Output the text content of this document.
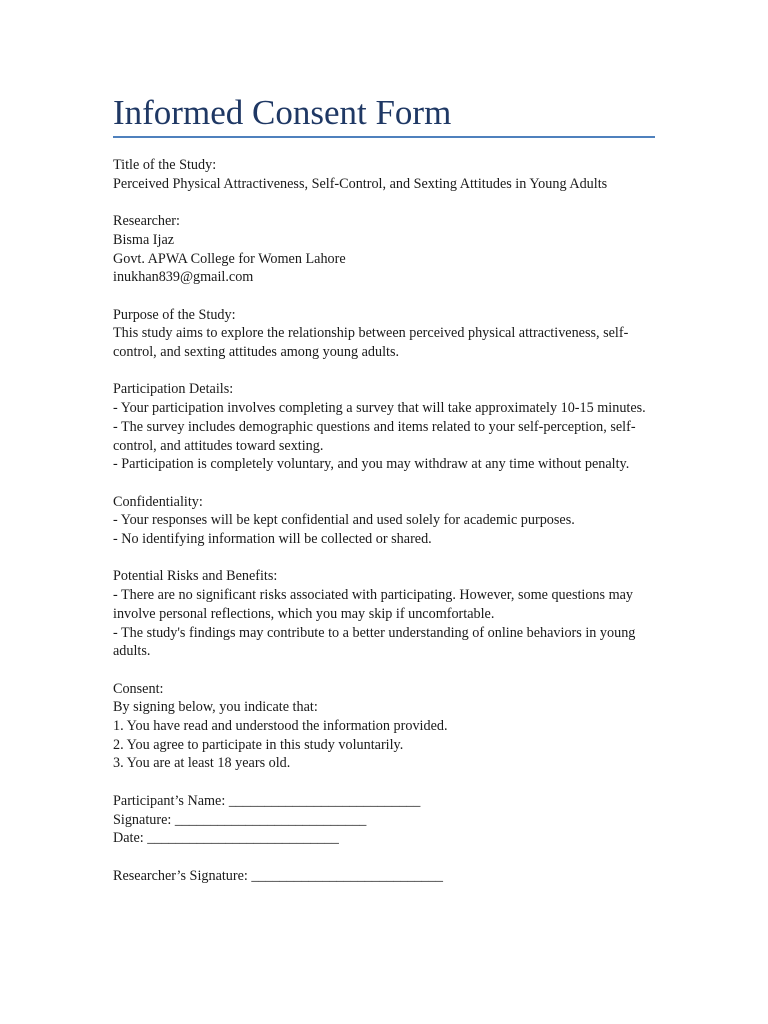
Informed Consent Form
Title of the Study:
Perceived Physical Attractiveness, Self-Control, and Sexting Attitudes in Young Adults
Researcher:
Bisma Ijaz
Govt. APWA College for Women Lahore
inukhan839@gmail.com
Purpose of the Study:
This study aims to explore the relationship between perceived physical attractiveness, self-
control, and sexting attitudes among young adults.
Participation Details:
- Your participation involves completing a survey that will take approximately 10-15 minutes.
- The survey includes demographic questions and items related to your self-perception, self-
control, and attitudes toward sexting.
- Participation is completely voluntary, and you may withdraw at any time without penalty.
Confidentiality:
- Your responses will be kept confidential and used solely for academic purposes.
- No identifying information will be collected or shared.
Potential Risks and Benefits:
- There are no significant risks associated with participating. However, some questions may
involve personal reflections, which you may skip if uncomfortable.
- The study's findings may contribute to a better understanding of online behaviors in young
adults.
Consent:
By signing below, you indicate that:
1. You have read and understood the information provided.
2. You agree to participate in this study voluntarily.
3. You are at least 18 years old.
Participant’s Name: ___________________________
Signature: ___________________________
Date: ___________________________
Researcher’s Signature: ___________________________
